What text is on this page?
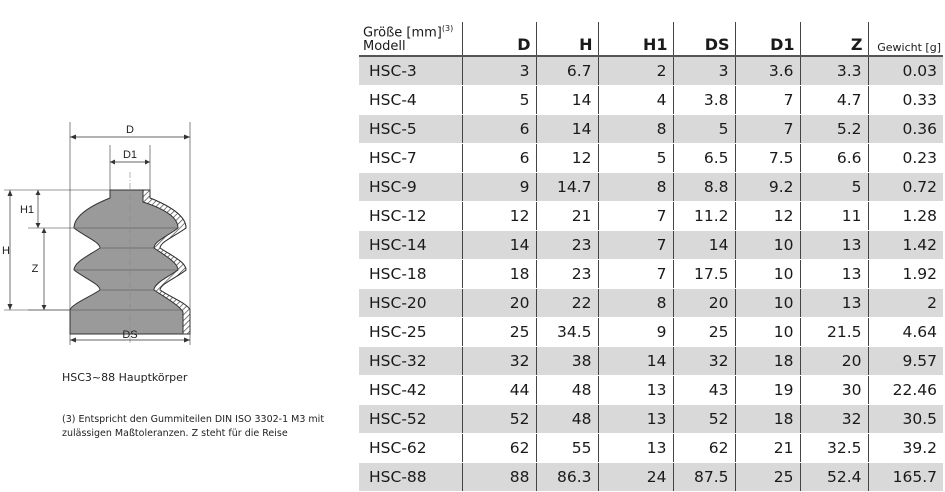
D
D1
H
H1
Z
DS
HSC3~88 Hauptkörper
(3) Entspricht den Gummiteilen DIN ISO 3302-1 M3 mit zulässigen Maßtoleranzen. Z steht für die Reise
Größe [mm]$^{(3)}$
Modell	D	H	H1	DS	D1	Z	Gewicht [g]
HSC-3	3	6.7	2	3	3.6	3.3	0.03
HSC-4	5	14	4	3.8	7	4.7	0.33
HSC-5	6	14	8	5	7	5.2	0.36
HSC-7	6	12	5	6.5	7.5	6.6	0.23
HSC-9	9	14.7	8	8.8	9.2	5	0.72
HSC-12	12	21	7	11.2	12	11	1.28
HSC-14	14	23	7	14	10	13	1.42
HSC-18	18	23	7	17.5	10	13	1.92
HSC-20	20	22	8	20	10	13	2
HSC-25	25	34.5	9	25	10	21.5	4.64
HSC-32	32	38	14	32	18	20	9.57
HSC-42	44	48	13	43	19	30	22.46
HSC-52	52	48	13	52	18	32	30.5
HSC-62	62	55	13	62	21	32.5	39.2
HSC-88	88	86.3	24	87.5	25	52.4	165.7
